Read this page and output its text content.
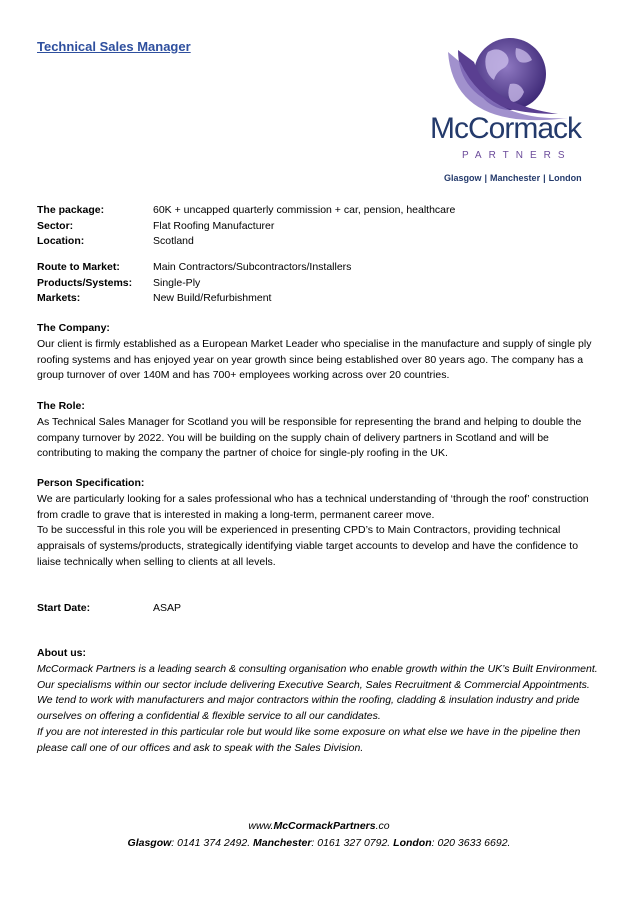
Technical Sales Manager
McCormack
PARTNERS
Glasgow | Manchester | London
The package:	60K + uncapped quarterly commission + car, pension, healthcare
Sector:	Flat Roofing Manufacturer
Location:	Scotland
Route to Market:	Main Contractors/Subcontractors/Installers
Products/Systems:	Single-Ply
Markets:	New Build/Refurbishment
The Company:

Our client is firmly established as a European Market Leader who specialise in the manufacture and supply of single ply roofing systems and has enjoyed year on year growth since being established over 80 years ago. The company has a group turnover of over 140M and has 700+ employees working across over 20 countries.

The Role:

As Technical Sales Manager for Scotland you will be responsible for representing the brand and helping to double the company turnover by 2022. You will be building on the supply chain of delivery partners in Scotland and will be contributing to making the company the partner of choice for single-ply roofing in the UK.

Person Specification:

We are particularly looking for a sales professional who has a technical understanding of ‘through the roof’ construction from cradle to grave that is interested in making a long-term, permanent career move.

To be successful in this role you will be experienced in presenting CPD’s to Main Contractors, providing technical appraisals of systems/products, strategically identifying viable target accounts to develop and have the confidence to liaise technically when selling to clients at all levels.

Start Date:	ASAP
About us:

McCormack Partners is a leading search & consulting organisation who enable growth within the UK’s Built Environment. Our specialisms within our sector include delivering Executive Search, Sales Recruitment & Commercial Appointments. We tend to work with manufacturers and major contractors within the roofing, cladding & insulation industry and pride ourselves on offering a confidential & flexible service to all our candidates.

If you are not interested in this particular role but would like some exposure on what else we have in the pipeline then please call one of our offices and ask to speak with the Sales Division.

www.McCormackPartners.co
Glasgow: 0141 374 2492. Manchester: 0161 327 0792. London: 020 3633 6692.
